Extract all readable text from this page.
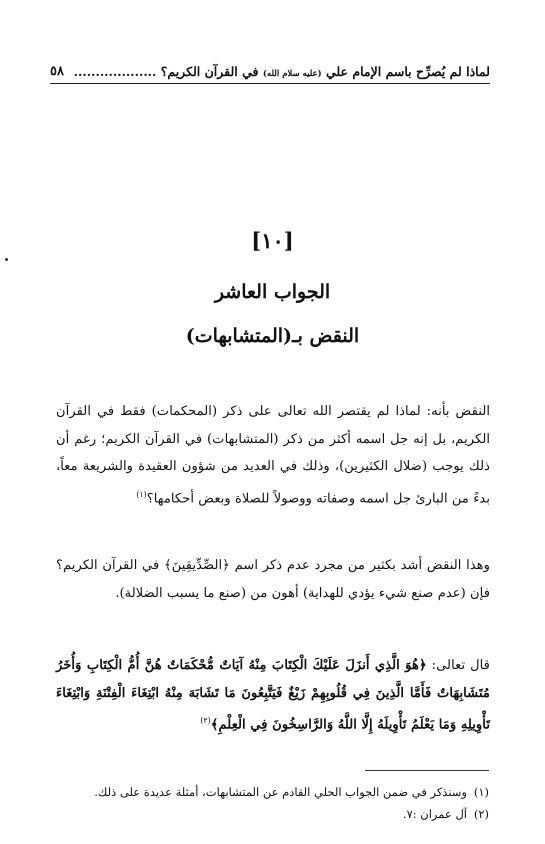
لماذا لم يُصرِّح باسم الإمام علي (عليه سلام الله) في القرآن الكريم؟ ...................
٥٨
[١٠]
الجواب العاشر
النقض بـ(المتشابهات)
النقض بأنه: لماذا لم يقتصر الله تعالى على ذكر (المحكمات) فقط في القرآن الكريم، بل إنه جل اسمه أكثر من ذكر (المتشابهات) في القرآن الكريم؛ رغم أن ذلك يوجب (ضلال الكثيرين)، وذلك في العديد من شؤون العقيدة والشريعة معاً، بدءً من البارئ جل اسمه وصفاته ووصولاً للصلاة وبعض أحكامها؟$^{(١)}$
وهذا النقض أشد بكثير من مجرد عدم ذكر اسم ﴿الصِّدِّيقِينَ﴾ في القرآن الكريم؟ فإن (عدم صنع شيء يؤدي للهداية) أهون من (صنع ما يسبب الضلالة).
قال تعالى: ﴿هُوَ الَّذِي أَنزَلَ عَلَيْكَ الْكِتَابَ مِنْهُ آيَاتٌ مُّحْكَمَاتٌ هُنَّ أُمُّ الْكِتَابِ وَأُخَرُ مُتَشَابِهَاتٌ فَأَمَّا الَّذِينَ فِي قُلُوبِهِمْ زَيْغٌ فَيَتَّبِعُونَ مَا تَشَابَهَ مِنْهُ ابْتِغَاءَ الْفِتْنَةِ وَابْتِغَاءَ تَأْوِيلِهِ وَمَا يَعْلَمُ تَأْوِيلَهُ إِلَّا اللَّهُ وَالرَّاسِخُونَ فِي الْعِلْمِ﴾$^{(٢)}$
(١)وسنذكر في ضمن الجواب الحلي القادم عن المتشابهات، أمثلة عديدة على ذلك.
(٢)آل عمران :٧.
